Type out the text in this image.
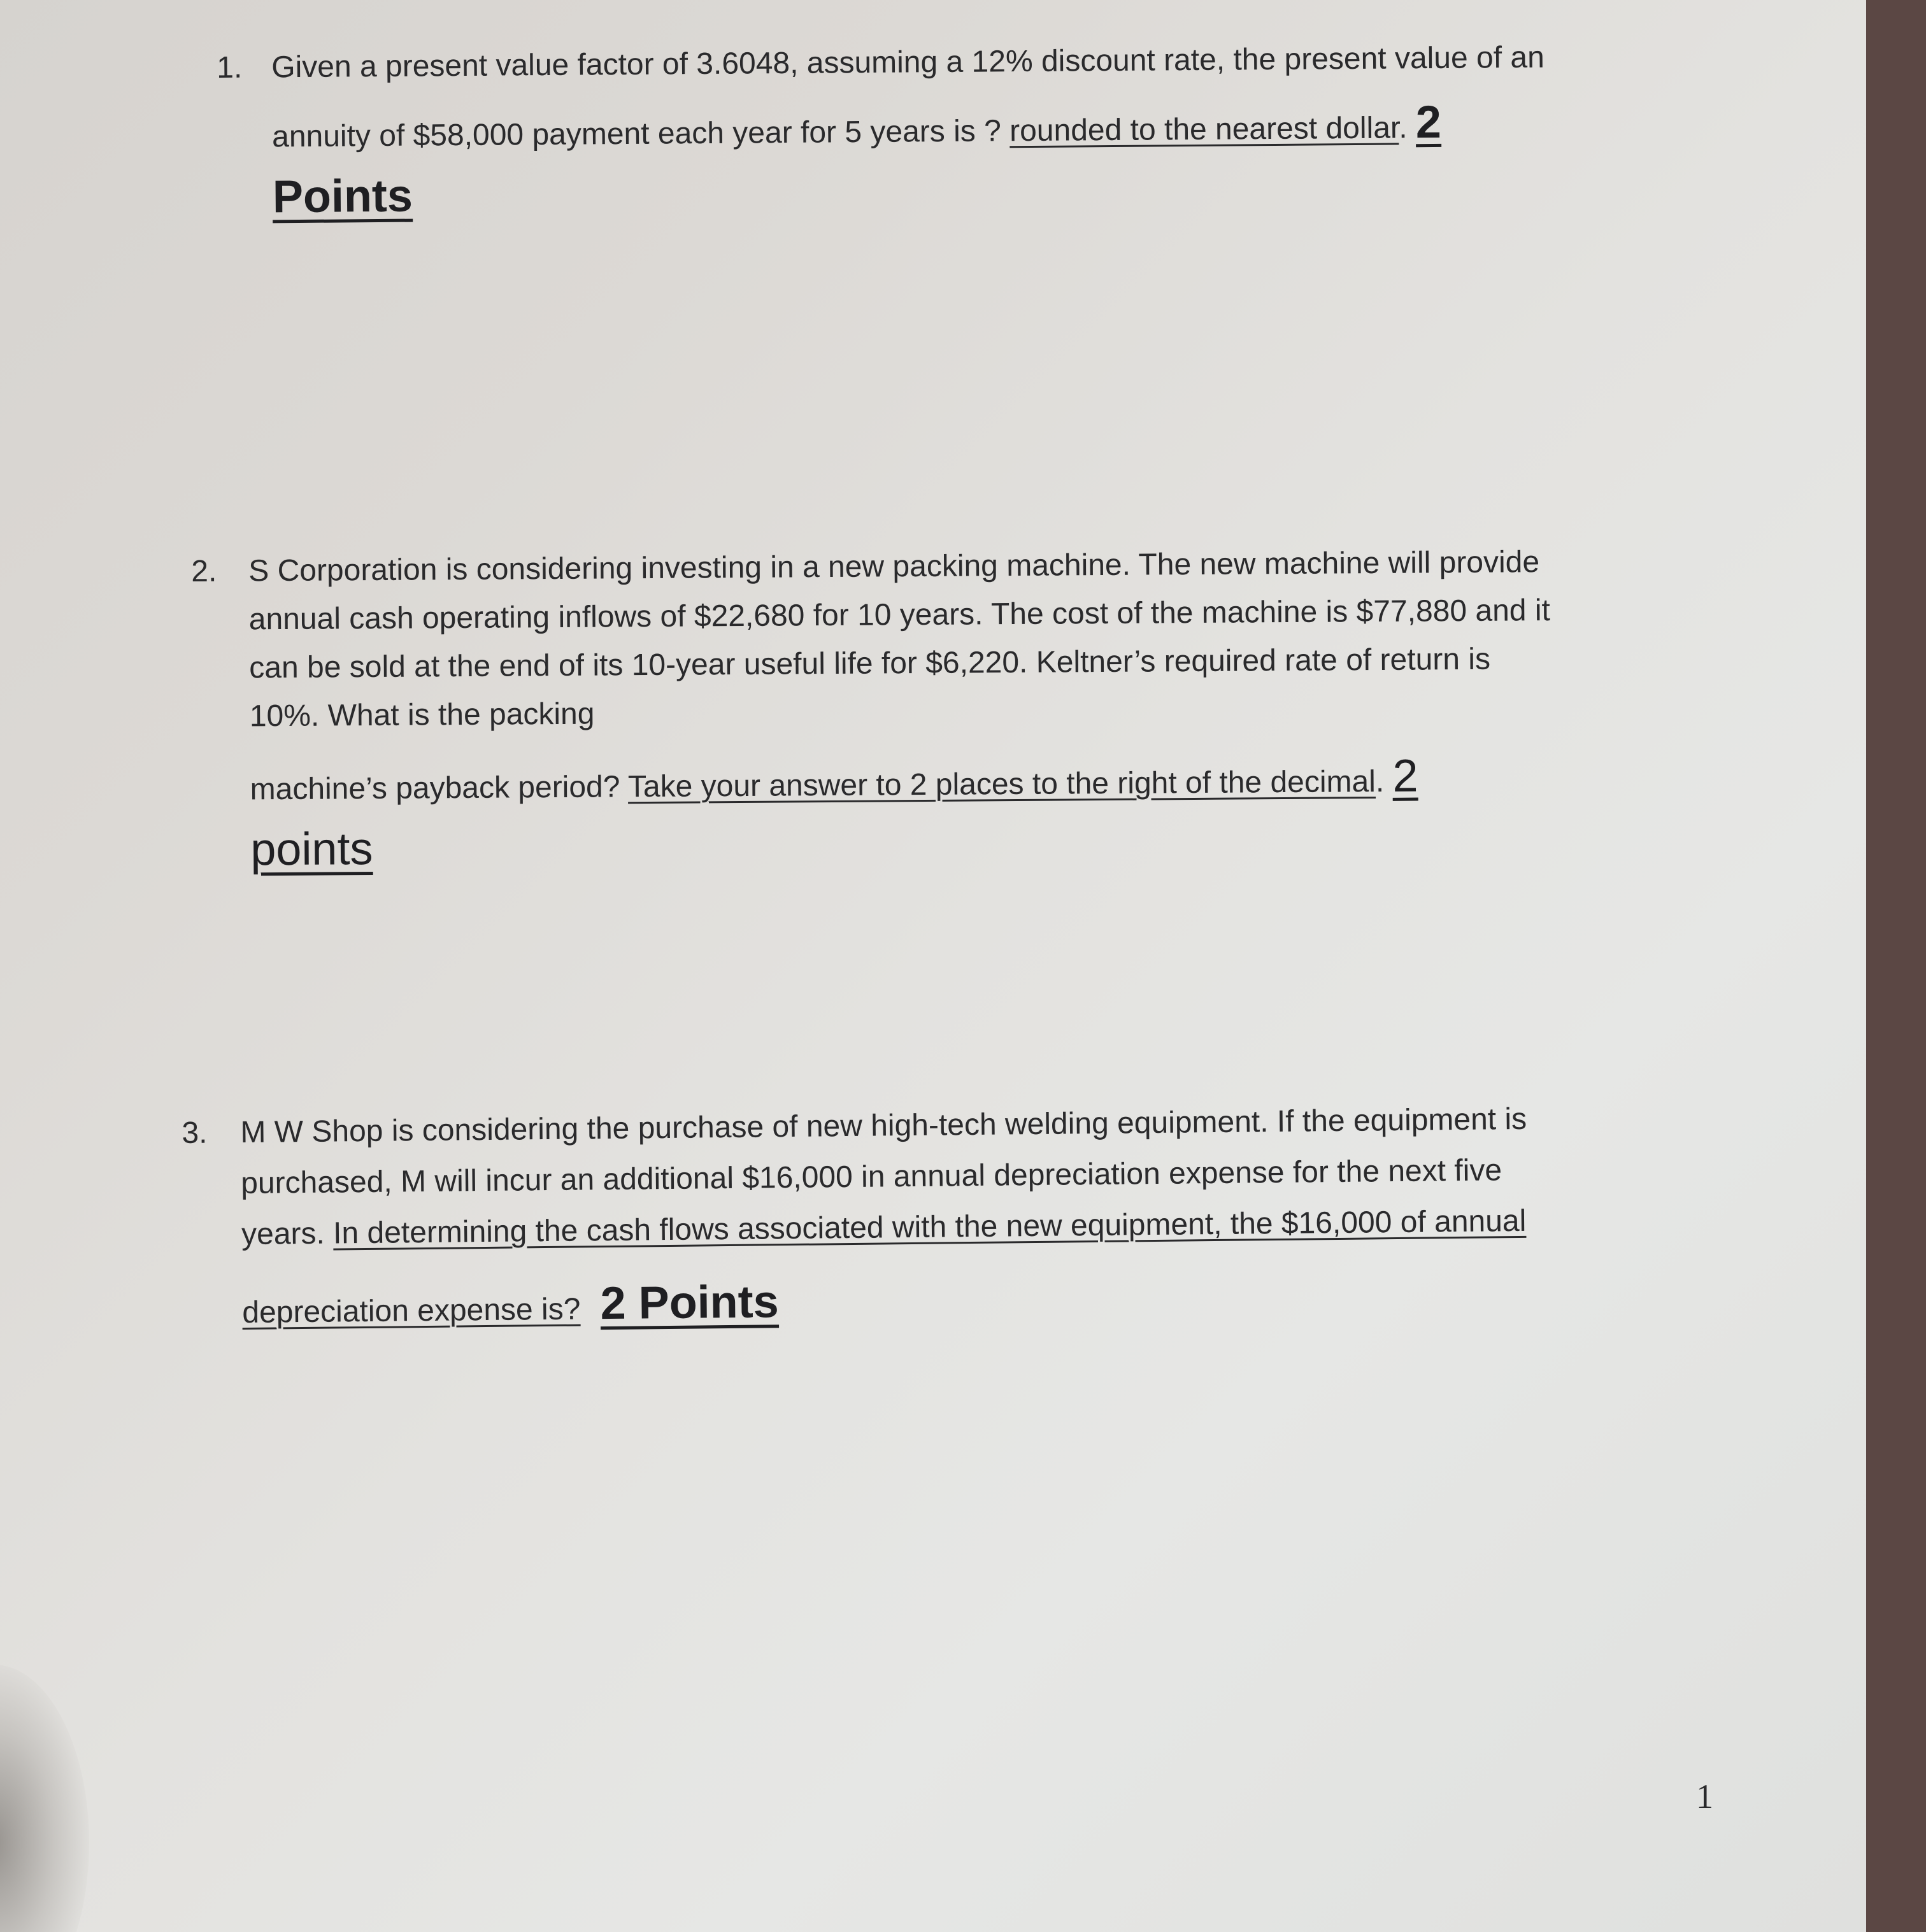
1. Given a present value factor of 3.6048, assuming a 12% discount rate, the present value of an
annuity of $58,000 payment each year for 5 years is ? rounded to the nearest dollar. 2
Points
2. S Corporation is considering investing in a new packing machine. The new machine will provide
annual cash operating inflows of $22,680 for 10 years. The cost of the machine is $77,880 and it
can be sold at the end of its 10-year useful life for $6,220. Keltner’s required rate of return is
10%. What is the packing
machine’s payback period? Take your answer to 2 places to the right of the decimal. 2
points
3. M W Shop is considering the purchase of new high-tech welding equipment. If the equipment is
purchased, M will incur an additional $16,000 in annual depreciation expense for the next five
years. In determining the cash flows associated with the new equipment, the $16,000 of annual
depreciation expense is? 2 Points
1
